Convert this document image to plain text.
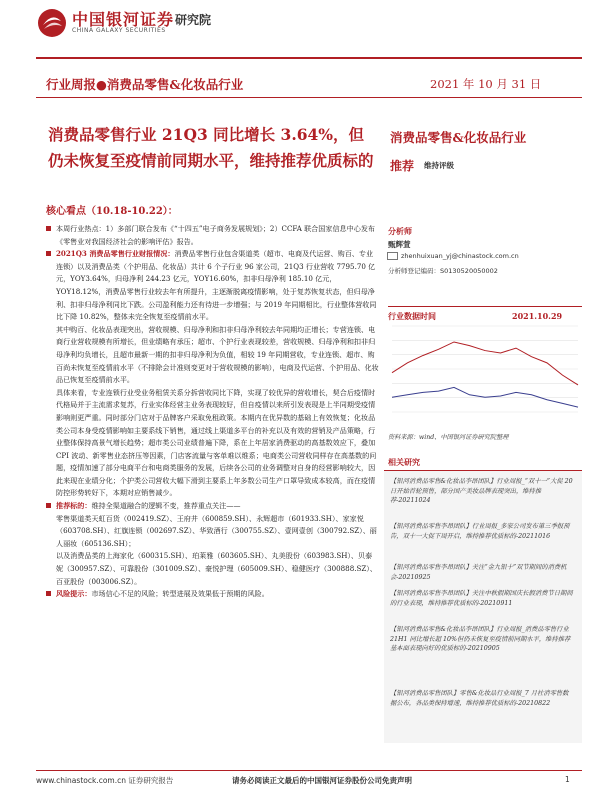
中国银河证券 研究院
CHINA GALAXY SECURITIES
行业周报●消费品零售&化妆品行业	2021 年 10 月 31 日
消费品零售行业 21Q3 同比增长 3.64%，但仍未恢复至疫情前同期水平，维持推荐优质标的
核心看点（10.18-10.22）：

本周行业热点：1）多部门联合发布《“十四五”电子商务发展规划》；2）CCFA 联合国家信息中心发布《零售业对我国经济社会的影响评估》报告。

2021Q3 消费品零售行业财报情况：消费品零售行业包含渠道类（超市、电商及代运营、购百、专业连锁）以及消费品类（个护用品、化妆品）共计 6 个子行业 96 家公司，21Q3 行业营收 7795.70 亿元，YOY3.64%，归母净利 244.23 亿元，YOY16.60%，扣非归母净利 185.10 亿元，YOY18.12%，消费品零售行业较去年有所提升，主逐渐脱离疫情影响，处于复苏恢复状态，但归母净利、扣非归母净利同比下跌。公司盈利能力还有待进一步增强；与 2019 年同期相比，行业整体营收同比下降 10.82%，整体未完全恢复至疫情前水平。

其中购百、化妆品表现突出，营收规模、归母净利和扣非归母净利较去年同期均正增长；专营连锁、电商行业营收规模有所增长，但业绩略有承压；超市、个护行业表现较差，营收规模、归母净利和扣非归母净利均负增长，且超市最新一期的扣非归母净利为负值，相较 19 年同期营收，专业连锁、超市、购百尚未恢复至疫情前水平（不排除会计准则变更对于营收规模的影响），电商及代运营、个护用品、化妆品已恢复至疫情前水平。

具体来看，专业连锁行业受业务租赁关系分拆营收同比下降，实现了较优异的营收增长，契合后疫情时代格局并于主流需求复苏，行业实体经营主业务表现较好，但自疫情以来所引发表现是上半同期受疫情影响则更严重。同时部分门店对于品牌客户采取免租政策。本期内在优异数的基础上有效恢复；化妆品类公司本身受疫情影响如主要系线下销售，通过线上渠道多平台的补充以及有效的营销及产品策略，行业整体保持高景气增长趋势；超市类公司业绩普遍下降，系在上年居家消费驱动的高基数效应下，叠加 CPI 波动、新零售业态挤压等因素，门店客流量与客单难以维系；电商类公司营收同样存在高基数的问题，疫情加速了部分电商平台和电商类服务的发展，后续各公司的业务调整对自身的经营影响较大，因此来现在业绩分化；个护类公司营收大幅下滑到主要系上年多数公司生产口罩导致成本较高，而在疫情防控形势转好下，本期对应销售减少。

推荐标的：维持全渠道融合的逻辑不变，推荐重点关注——

零售渠道类天虹百货（002419.SZ）、王府井（600859.SH）、永辉超市（601933.SH）、家家悦（603708.SH）、红旗连锁（002697.SZ）、华致酒行（300755.SZ）、壹网壹创（300792.SZ）、丽人丽妆（605136.SH）；

以及消费品类的上海家化（600315.SH）、珀莱雅（603605.SH）、丸美股份（603983.SH）、贝泰妮（300957.SZ）、可靠股份（301009.SZ）、豪悦护理（605009.SH）、稳健医疗（300888.SZ）、百亚股份（003006.SZ）。

风险提示：市场信心不足的风险；转型进展及效果低于预期的风险。

消费品零售&化妆品行业
推荐 维持评级
分析师
甄辉萱
zhenhuixuan_yj@chinastock.com.cn
分析师登记编码：S0130520050002
行业数据时间	2021.10.29
资料来源：wind、中国银河证券研究院整理
相关研究
【银河消费品零售&化妆品李昂团队】行业周报_“双十一”大促 20 日开始首轮预售，部分国产美妆品牌表现突出，维持推荐-20211024
【银河消费品零售李昂团队】行业周报_多家公司发布第三季报预告，双十一大促下周开启，维持推荐优质标的-20211016
【银河消费品零售李昂团队】关注“金九银十”双节期间的消费机会-20210925
【银河消费品零售李昂团队】关注中秋假期国庆长假消费节日期间的行业表现，维持推荐优质标的-20210911
【银河消费品零售&化妆品李昂团队】行业周报_消费品零售行业 21H1 同比增长超 10%但仍未恢复至疫情前同期水平，维持推荐基本面表现向好的优质标的-20210905
【银河消费品零售团队】零售&化妆品行业周报_7 月社消零售数据公布，各品类保持增速，维持推荐优质标的-20210822
www.chinastock.com.cn 证券研究报告	请务必阅读正文最后的中国银河证券股份公司免责声明	1
